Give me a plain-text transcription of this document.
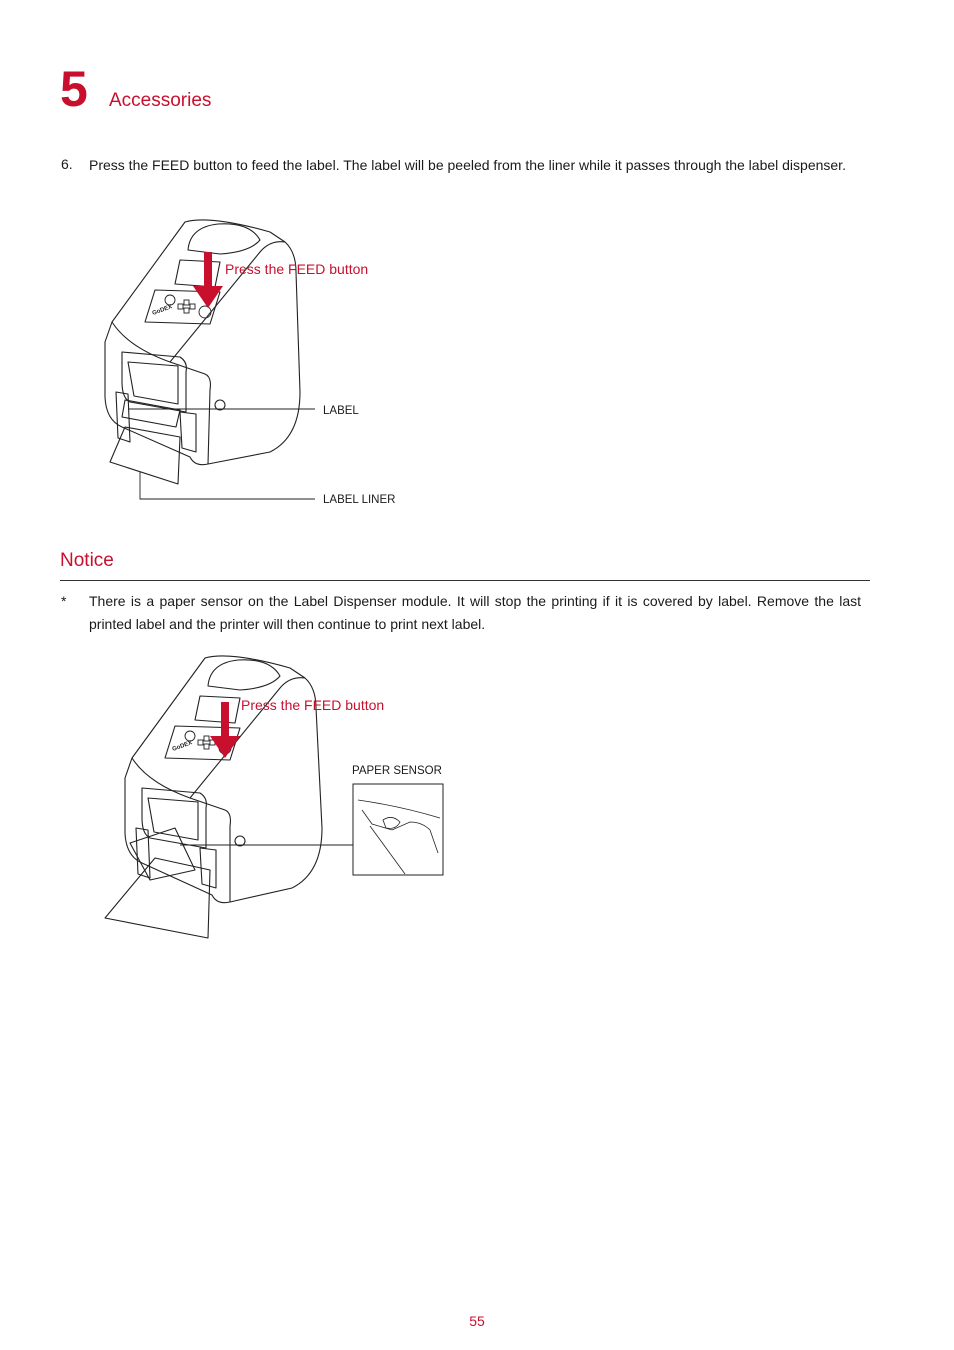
5 Accessories
6. Press the FEED button to feed the label. The label will be peeled from the liner while it passes through the label dispenser.
GoDEX
Press the FEED button
LABEL
LABEL LINER
Notice
* There is a paper sensor on the Label Dispenser module. It will stop the printing if it is covered by label. Remove the last printed label and the printer will then continue to print next label.
GoDEX
Press the FEED button
PAPER SENSOR
55
